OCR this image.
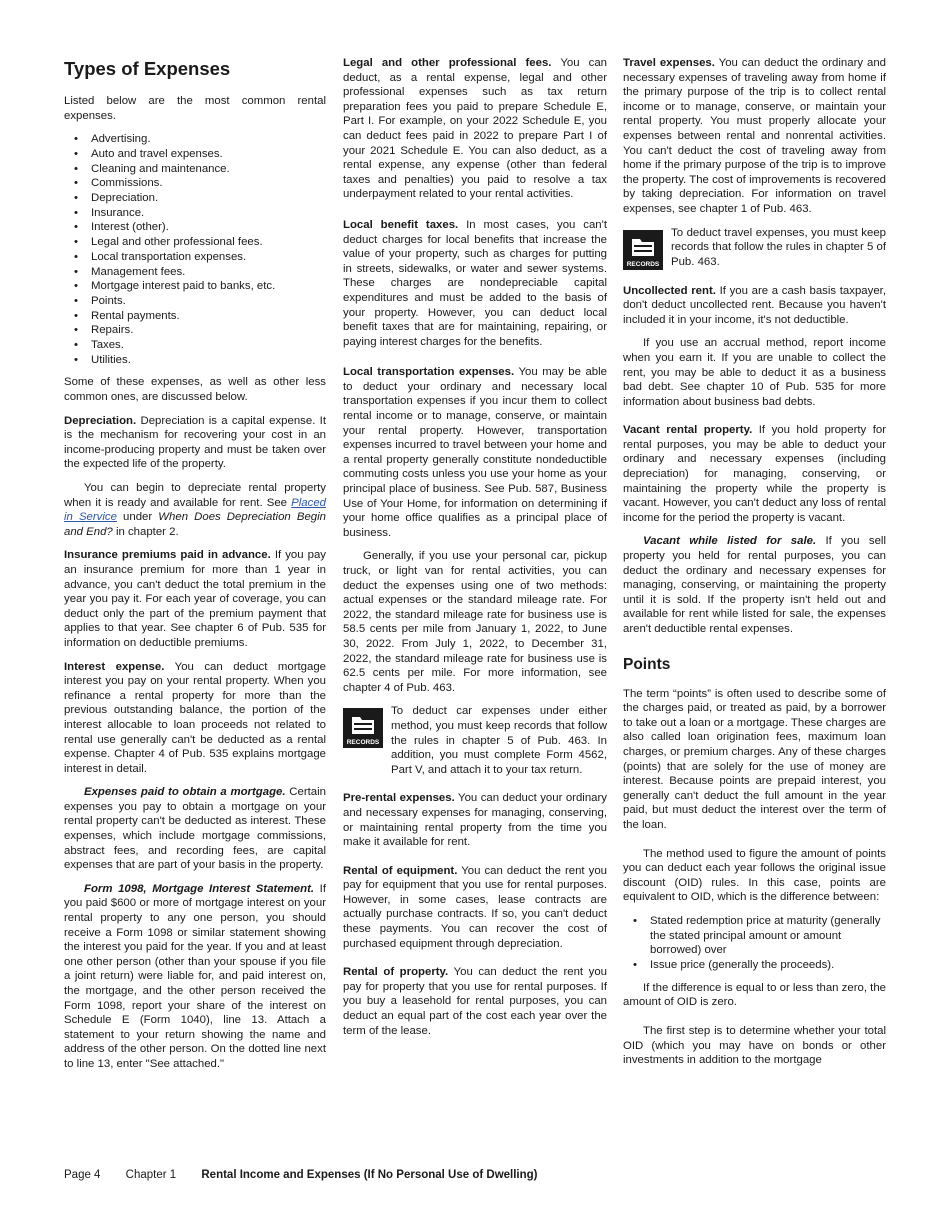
Types of Expenses

Listed below are the most common rental expenses.

• Advertising.
• Auto and travel expenses.
• Cleaning and maintenance.
• Commissions.
• Depreciation.
• Insurance.
• Interest (other).
• Legal and other professional fees.
• Local transportation expenses.
• Management fees.
• Mortgage interest paid to banks, etc.
• Points.
• Rental payments.
• Repairs.
• Taxes.
• Utilities.

Some of these expenses, as well as other less common ones, are discussed below.

Depreciation. Depreciation is a capital expense. It is the mechanism for recovering your cost in an income-producing property and must be taken over the expected life of the property.

You can begin to depreciate rental property when it is ready and available for rent. See Placed in Service under When Does Depreciation Begin and End? in chapter 2.

Insurance premiums paid in advance. If you pay an insurance premium for more than 1 year in advance, you can't deduct the total premium in the year you pay it. For each year of coverage, you can deduct only the part of the premium payment that applies to that year. See chapter 6 of Pub. 535 for information on deductible premiums.

Interest expense. You can deduct mortgage interest you pay on your rental property. When you refinance a rental property for more than the previous outstanding balance, the portion of the interest allocable to loan proceeds not related to rental use generally can't be deducted as a rental expense. Chapter 4 of Pub. 535 explains mortgage interest in detail.

Expenses paid to obtain a mortgage. Certain expenses you pay to obtain a mortgage on your rental property can't be deducted as interest. These expenses, which include mortgage commissions, abstract fees, and recording fees, are capital expenses that are part of your basis in the property.

Form 1098, Mortgage Interest Statement. If you paid $600 or more of mortgage interest on your rental property to any one person, you should receive a Form 1098 or similar statement showing the interest you paid for the year. If you and at least one other person (other than your spouse if you file a joint return) were liable for, and paid interest on, the mortgage, and the other person received the Form 1098, report your share of the interest on Schedule E (Form 1040), line 13. Attach a statement to your return showing the name and address of the other person. On the dotted line next to line 13, enter "See attached."

Legal and other professional fees. You can deduct, as a rental expense, legal and other professional expenses such as tax return preparation fees you paid to prepare Schedule E, Part I. For example, on your 2022 Schedule E, you can deduct fees paid in 2022 to prepare Part I of your 2021 Schedule E. You can also deduct, as a rental expense, any expense (other than federal taxes and penalties) you paid to resolve a tax underpayment related to your rental activities.

Local benefit taxes. In most cases, you can't deduct charges for local benefits that increase the value of your property, such as charges for putting in streets, sidewalks, or water and sewer systems. These charges are nondepreciable capital expenditures and must be added to the basis of your property. However, you can deduct local benefit taxes that are for maintaining, repairing, or paying interest charges for the benefits.

Local transportation expenses. You may be able to deduct your ordinary and necessary local transportation expenses if you incur them to collect rental income or to manage, conserve, or maintain your rental property. However, transportation expenses incurred to travel between your home and a rental property generally constitute nondeductible commuting costs unless you use your home as your principal place of business. See Pub. 587, Business Use of Your Home, for information on determining if your home office qualifies as a principal place of business.

Generally, if you use your personal car, pickup truck, or light van for rental activities, you can deduct the expenses using one of two methods: actual expenses or the standard mileage rate. For 2022, the standard mileage rate for business use is 58.5 cents per mile from January 1, 2022, to June 30, 2022. From July 1, 2022, to December 31, 2022, the standard mileage rate for business use is 62.5 cents per mile. For more information, see chapter 4 of Pub. 463.

RECORDS
To deduct car expenses under either method, you must keep records that follow the rules in chapter 5 of Pub. 463. In addition, you must complete Form 4562, Part V, and attach it to your tax return.

Pre-rental expenses. You can deduct your ordinary and necessary expenses for managing, conserving, or maintaining rental property from the time you make it available for rent.

Rental of equipment. You can deduct the rent you pay for equipment that you use for rental purposes. However, in some cases, lease contracts are actually purchase contracts. If so, you can't deduct these payments. You can recover the cost of purchased equipment through depreciation.

Rental of property. You can deduct the rent you pay for property that you use for rental purposes. If you buy a leasehold for rental purposes, you can deduct an equal part of the cost each year over the term of the lease.

Travel expenses. You can deduct the ordinary and necessary expenses of traveling away from home if the primary purpose of the trip is to collect rental income or to manage, conserve, or maintain your rental property. You must properly allocate your expenses between rental and nonrental activities. You can't deduct the cost of traveling away from home if the primary purpose of the trip is to improve the property. The cost of improvements is recovered by taking depreciation. For information on travel expenses, see chapter 1 of Pub. 463.

RECORDS
To deduct travel expenses, you must keep records that follow the rules in chapter 5 of Pub. 463.

Uncollected rent. If you are a cash basis taxpayer, don't deduct uncollected rent. Because you haven't included it in your income, it's not deductible.

If you use an accrual method, report income when you earn it. If you are unable to collect the rent, you may be able to deduct it as a business bad debt. See chapter 10 of Pub. 535 for more information about business bad debts.

Vacant rental property. If you hold property for rental purposes, you may be able to deduct your ordinary and necessary expenses (including depreciation) for managing, conserving, or maintaining the property while the property is vacant. However, you can't deduct any loss of rental income for the period the property is vacant.

Vacant while listed for sale. If you sell property you held for rental purposes, you can deduct the ordinary and necessary expenses for managing, conserving, or maintaining the property until it is sold. If the property isn't held out and available for rent while listed for sale, the expenses aren't deductible rental expenses.

Points

The term “points” is often used to describe some of the charges paid, or treated as paid, by a borrower to take out a loan or a mortgage. These charges are also called loan origination fees, maximum loan charges, or premium charges. Any of these charges (points) that are solely for the use of money are interest. Because points are prepaid interest, you generally can't deduct the full amount in the year paid, but must deduct the interest over the term of the loan.

The method used to figure the amount of points you can deduct each year follows the original issue discount (OID) rules. In this case, points are equivalent to OID, which is the difference between:

• Stated redemption price at maturity (generally the stated principal amount or amount borrowed) over
• Issue price (generally the proceeds).

If the difference is equal to or less than zero, the amount of OID is zero.

The first step is to determine whether your total OID (which you may have on bonds or other investments in addition to the mortgage

Page 4 Chapter 1 Rental Income and Expenses (If No Personal Use of Dwelling)
